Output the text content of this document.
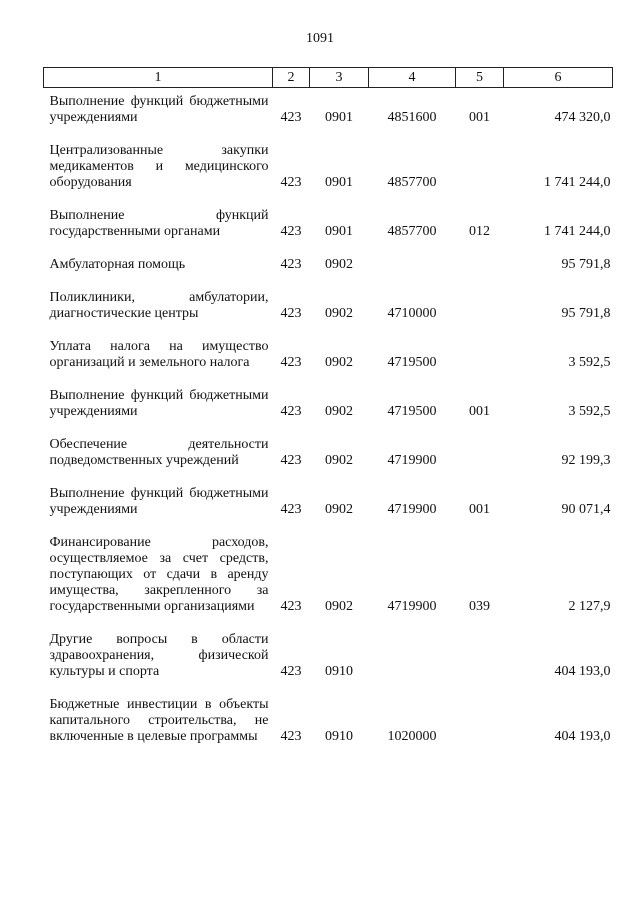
1091
1	2	3	4	5	6

Выполнение функций бюджетными учреждениями	423	0901	4851600	001	474 320,0

Централизованные закупки медикаментов и медицинского оборудования	423	0901	4857700		1 741 244,0

Выполнение функций государственными органами	423	0901	4857700	012	1 741 244,0

Амбулаторная помощь	423	0902			95 791,8

Поликлиники, амбулатории, диагностические центры	423	0902	4710000		95 791,8

Уплата налога на имущество организаций и земельного налога	423	0902	4719500		3 592,5

Выполнение функций бюджетными учреждениями	423	0902	4719500	001	3 592,5

Обеспечение деятельности подведомственных учреждений	423	0902	4719900		92 199,3

Выполнение функций бюджетными учреждениями	423	0902	4719900	001	90 071,4

Финансирование расходов, осуществляемое за счет средств, поступающих от сдачи в аренду имущества, закрепленного за государственными организациями	423	0902	4719900	039	2 127,9

Другие вопросы в области здравоохранения, физической культуры и спорта	423	0910			404 193,0

Бюджетные инвестиции в объекты капитального строительства, не включенные в целевые программы	423	0910	1020000		404 193,0
